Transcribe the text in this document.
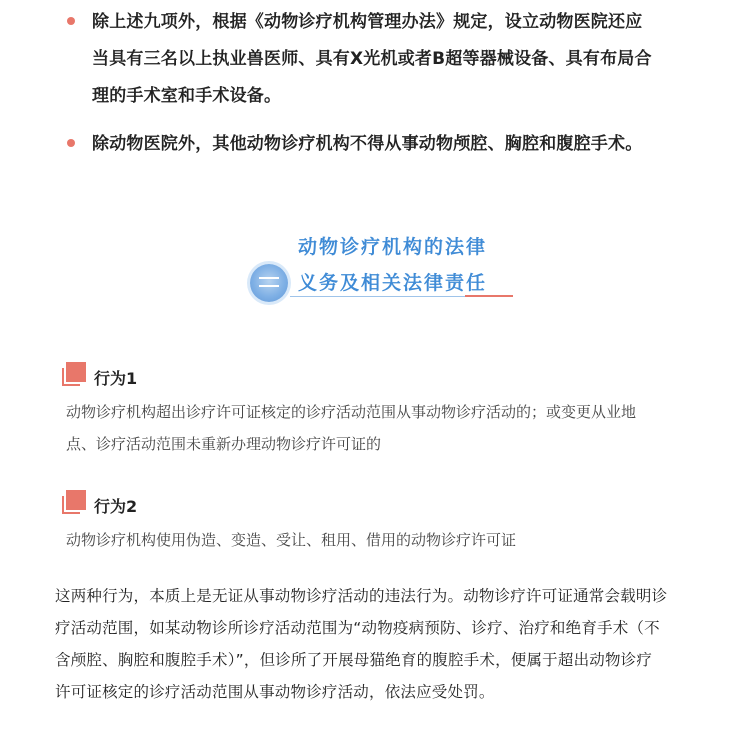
除上述九项外，根据《动物诊疗机构管理办法》规定，设立动物医院还应
当具有三名以上执业兽医师、具有X光机或者B超等器械设备、具有布局合
理的手术室和手术设备。
除动物医院外，其他动物诊疗机构不得从事动物颅腔、胸腔和腹腔手术。
动物诊疗机构的法律
义务及相关法律责任
行为1
动物诊疗机构超出诊疗许可证核定的诊疗活动范围从事动物诊疗活动的；或变更从业地
点、诊疗活动范围未重新办理动物诊疗许可证的
行为2
动物诊疗机构使用伪造、变造、受让、租用、借用的动物诊疗许可证
这两种行为，本质上是无证从事动物诊疗活动的违法行为。动物诊疗许可证通常会载明诊
疗活动范围，如某动物诊所诊疗活动范围为“动物疫病预防、诊疗、治疗和绝育手术（不
含颅腔、胸腔和腹腔手术）”，但诊所了开展母猫绝育的腹腔手术，便属于超出动物诊疗
许可证核定的诊疗活动范围从事动物诊疗活动，依法应受处罚。
